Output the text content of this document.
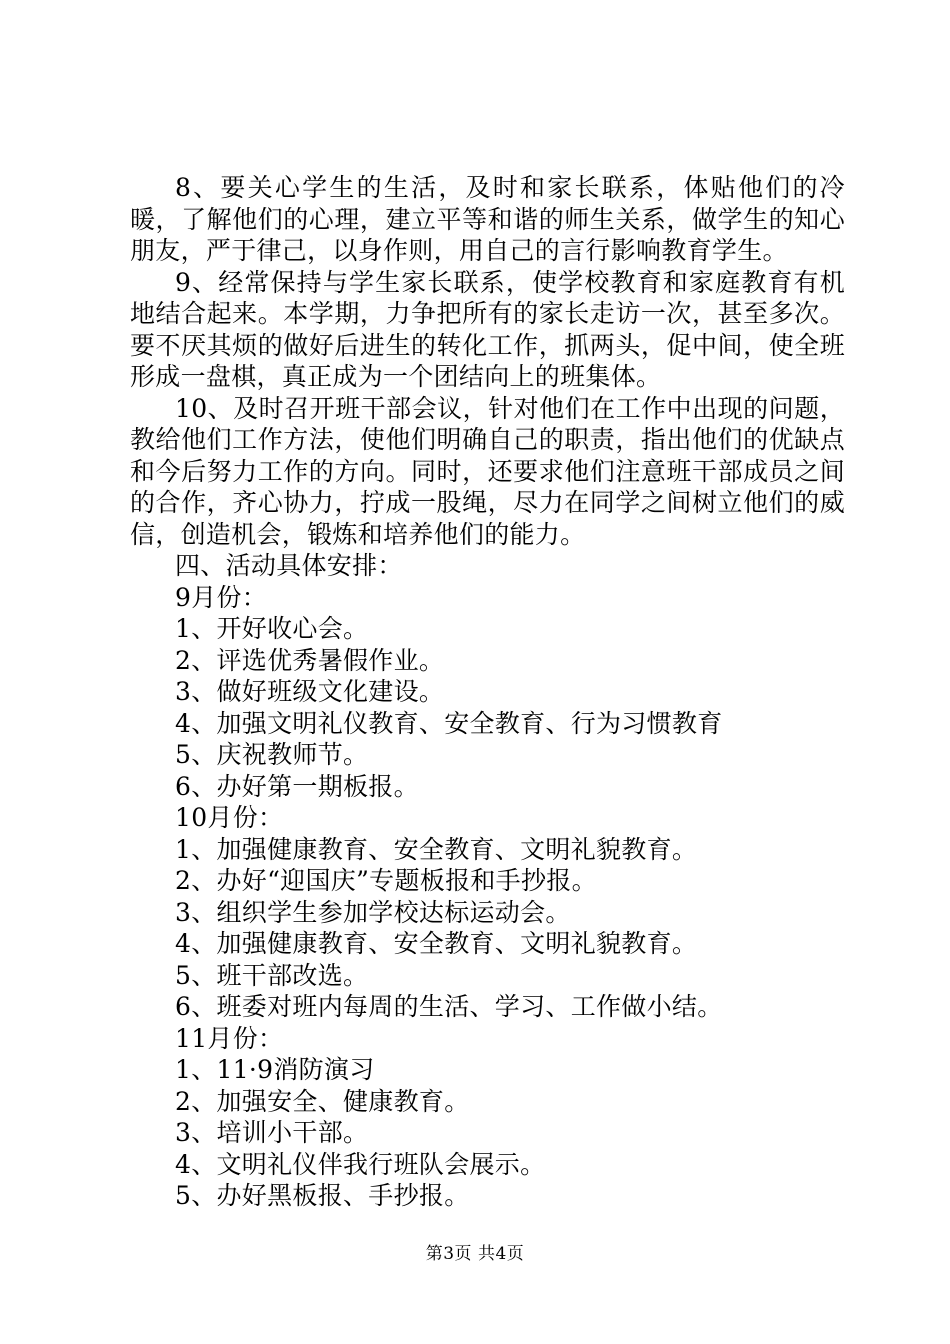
8、要关心学生的生活，及时和家长联系，体贴他们的冷暖，了解他们的心理，建立平等和谐的师生关系，做学生的知心朋友，严于律己，以身作则，用自己的言行影响教育学生。

9、经常保持与学生家长联系，使学校教育和家庭教育有机地结合起来。本学期，力争把所有的家长走访一次，甚至多次。要不厌其烦的做好后进生的转化工作，抓两头，促中间，使全班形成一盘棋，真正成为一个团结向上的班集体。

10、及时召开班干部会议，针对他们在工作中出现的问题，教给他们工作方法，使他们明确自己的职责，指出他们的优缺点和今后努力工作的方向。同时，还要求他们注意班干部成员之间的合作，齐心协力，拧成一股绳，尽力在同学之间树立他们的威信，创造机会，锻炼和培养他们的能力。

四、活动具体安排：

9月份：

1、开好收心会。

2、评选优秀暑假作业。

3、做好班级文化建设。

4、加强文明礼仪教育、安全教育、行为习惯教育

5、庆祝教师节。

6、办好第一期板报。

10月份：

1、加强健康教育、安全教育、文明礼貌教育。

2、办好“迎国庆”专题板报和手抄报。

3、组织学生参加学校达标运动会。

4、加强健康教育、安全教育、文明礼貌教育。

5、班干部改选。

6、班委对班内每周的生活、学习、工作做小结。

11月份：

1、11·9消防演习

2、加强安全、健康教育。

3、培训小干部。

4、文明礼仪伴我行班队会展示。

5、办好黑板报、手抄报。

第3页 共4页
